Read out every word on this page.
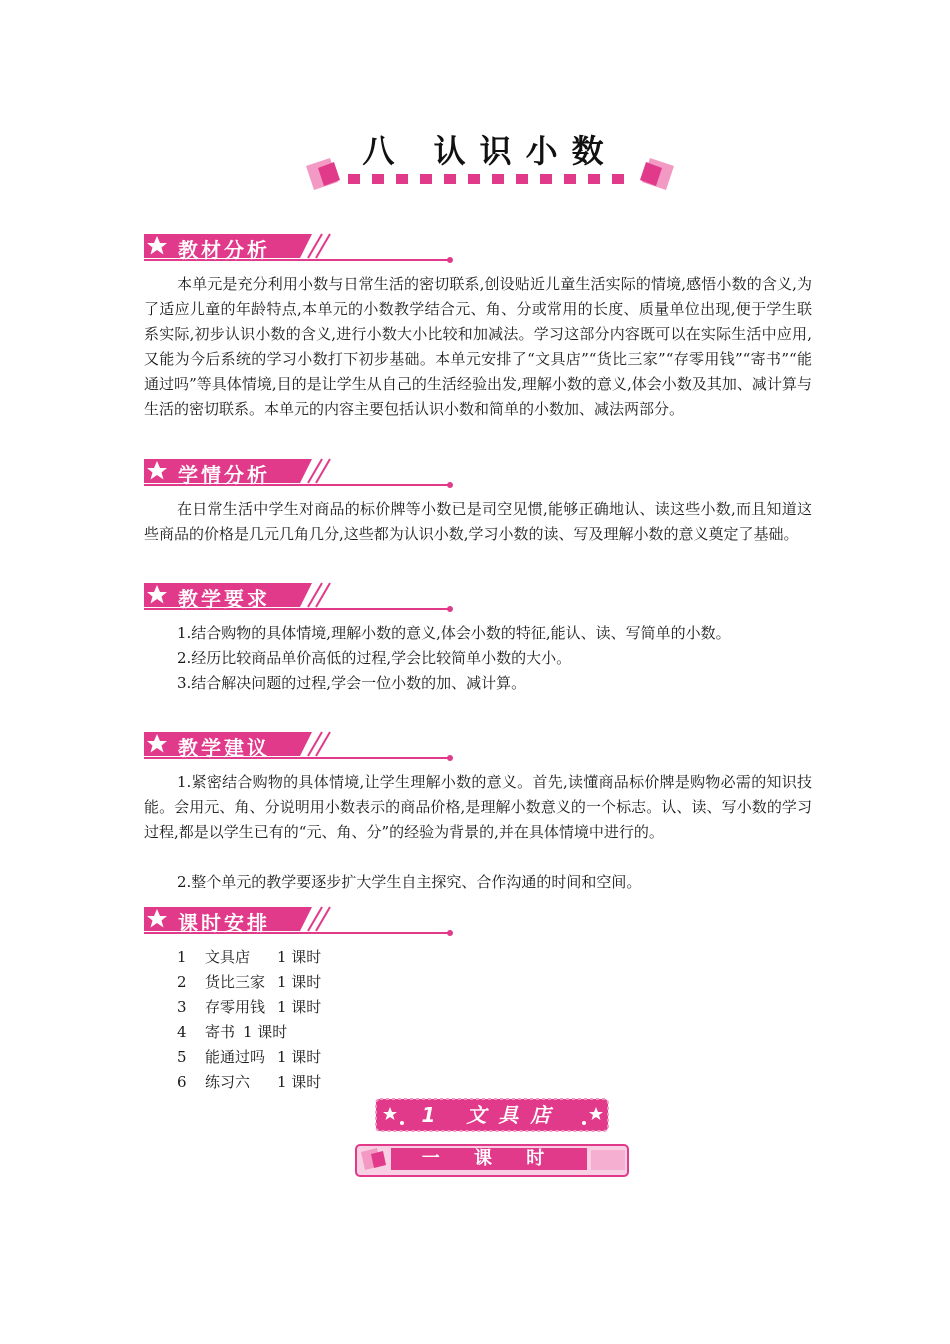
八 认识小数
教材分析
本单元是充分利用小数与日常生活的密切联系,创设贴近儿童生活实际的情境,感悟小数的含义,为了适应儿童的年龄特点,本单元的小数教学结合元、角、分或常用的长度、质量单位出现,便于学生联系实际,初步认识小数的含义,进行小数大小比较和加减法。学习这部分内容既可以在实际生活中应用,又能为今后系统的学习小数打下初步基础。本单元安排了“文具店”“货比三家”“存零用钱”“寄书”“能通过吗”等具体情境,目的是让学生从自己的生活经验出发,理解小数的意义,体会小数及其加、减计算与生活的密切联系。本单元的内容主要包括认识小数和简单的小数加、减法两部分。
学情分析
在日常生活中学生对商品的标价牌等小数已是司空见惯,能够正确地认、读这些小数,而且知道这些商品的价格是几元几角几分,这些都为认识小数,学习小数的读、写及理解小数的意义奠定了基础。
教学要求
1.结合购物的具体情境,理解小数的意义,体会小数的特征,能认、读、写简单的小数。
2.经历比较商品单价高低的过程,学会比较简单小数的大小。
3.结合解决问题的过程,学会一位小数的加、减计算。
教学建议
1.紧密结合购物的具体情境,让学生理解小数的意义。首先,读懂商品标价牌是购物必需的知识技能。会用元、角、分说明用小数表示的商品价格,是理解小数意义的一个标志。认、读、写小数的学习过程,都是以学生已有的“元、角、分”的经验为背景的,并在具体情境中进行的。
2.整个单元的教学要逐步扩大学生自主探究、合作沟通的时间和空间。
课时安排
1 文具店 1 课时
2 货比三家 1 课时
3 存零用钱 1 课时
4 寄书 1 课时
5 能通过吗 1 课时
6 练习六 1 课时
1 文具店
一 课 时
